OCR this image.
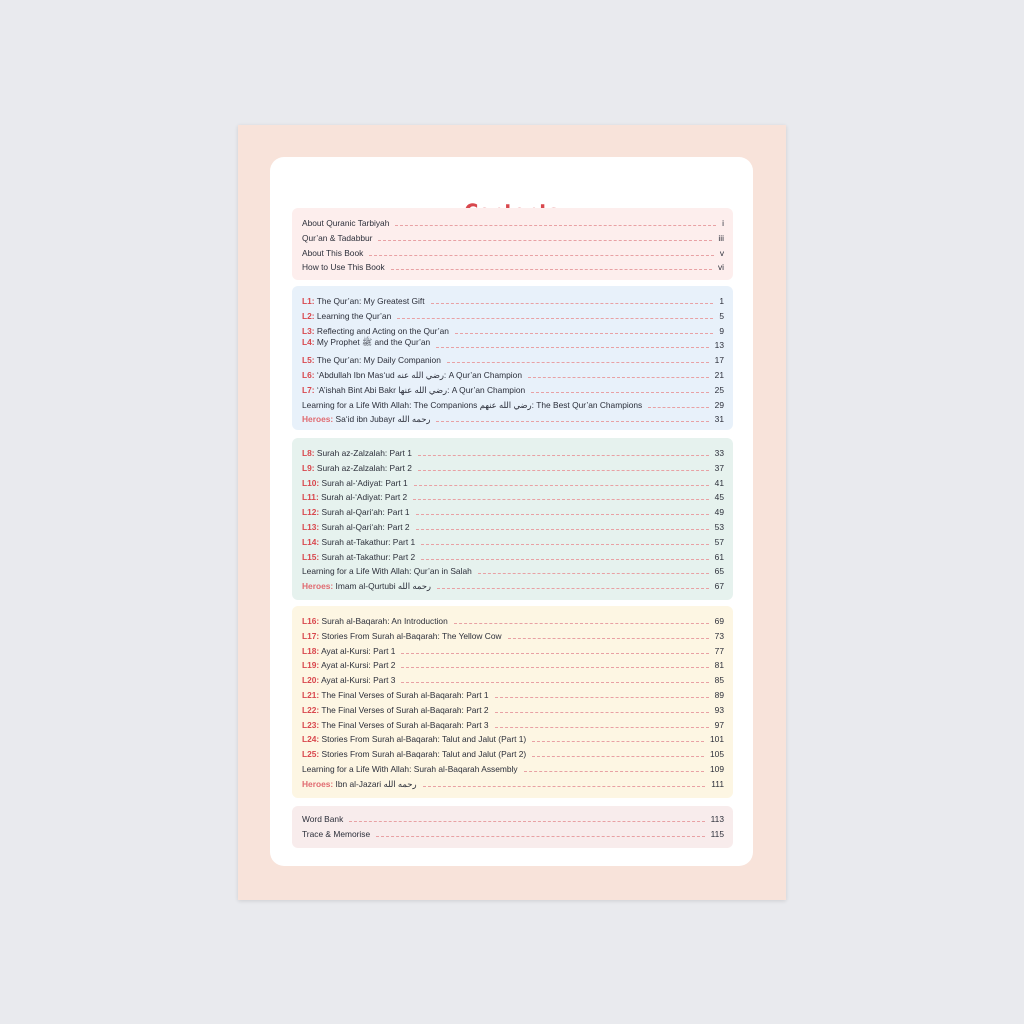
About Quranic Tarbiyah	i
Qur’an & Tadabbur	iii
About This Book	v
How to Use This Book	vi
L1: The Qur’an: My Greatest Gift	1
L2: Learning the Qur’an	5
L3: Reflecting and Acting on the Qur’an	9
L4: My Prophet ﷺ and the Qur’an	13
L5: The Qur’an: My Daily Companion	17
L6: ‘Abdullah Ibn Mas‘ud رضي الله عنه: A Qur’an Champion	21
L7: ‘A’ishah Bint Abi Bakr رضي الله عنها: A Qur’an Champion	25
Learning for a Life With Allah: The Companions رضي الله عنهم: The Best Qur’an Champions	29
Heroes: Sa‘id ibn Jubayr رحمه الله	31
L8: Surah az-Zalzalah: Part 1	33
L9: Surah az-Zalzalah: Part 2	37
L10: Surah al-‘Adiyat: Part 1	41
L11: Surah al-‘Adiyat: Part 2	45
L12: Surah al-Qari‘ah: Part 1	49
L13: Surah al-Qari‘ah: Part 2	53
L14: Surah at-Takathur: Part 1	57
L15: Surah at-Takathur: Part 2	61
Learning for a Life With Allah: Qur’an in Salah	65
Heroes: Imam al-Qurtubi رحمه الله	67
L16: Surah al-Baqarah: An Introduction	69
L17: Stories From Surah al-Baqarah: The Yellow Cow	73
L18: Ayat al-Kursi: Part 1	77
L19: Ayat al-Kursi: Part 2	81
L20: Ayat al-Kursi: Part 3	85
L21: The Final Verses of Surah al-Baqarah: Part 1	89
L22: The Final Verses of Surah al-Baqarah: Part 2	93
L23: The Final Verses of Surah al-Baqarah: Part 3	97
L24: Stories From Surah al-Baqarah: Talut and Jalut (Part 1)	101
L25: Stories From Surah al-Baqarah: Talut and Jalut (Part 2)	105
Learning for a Life With Allah: Surah al-Baqarah Assembly	109
Heroes: Ibn al-Jazari رحمه الله	111
Word Bank	113
Trace & Memorise	115
